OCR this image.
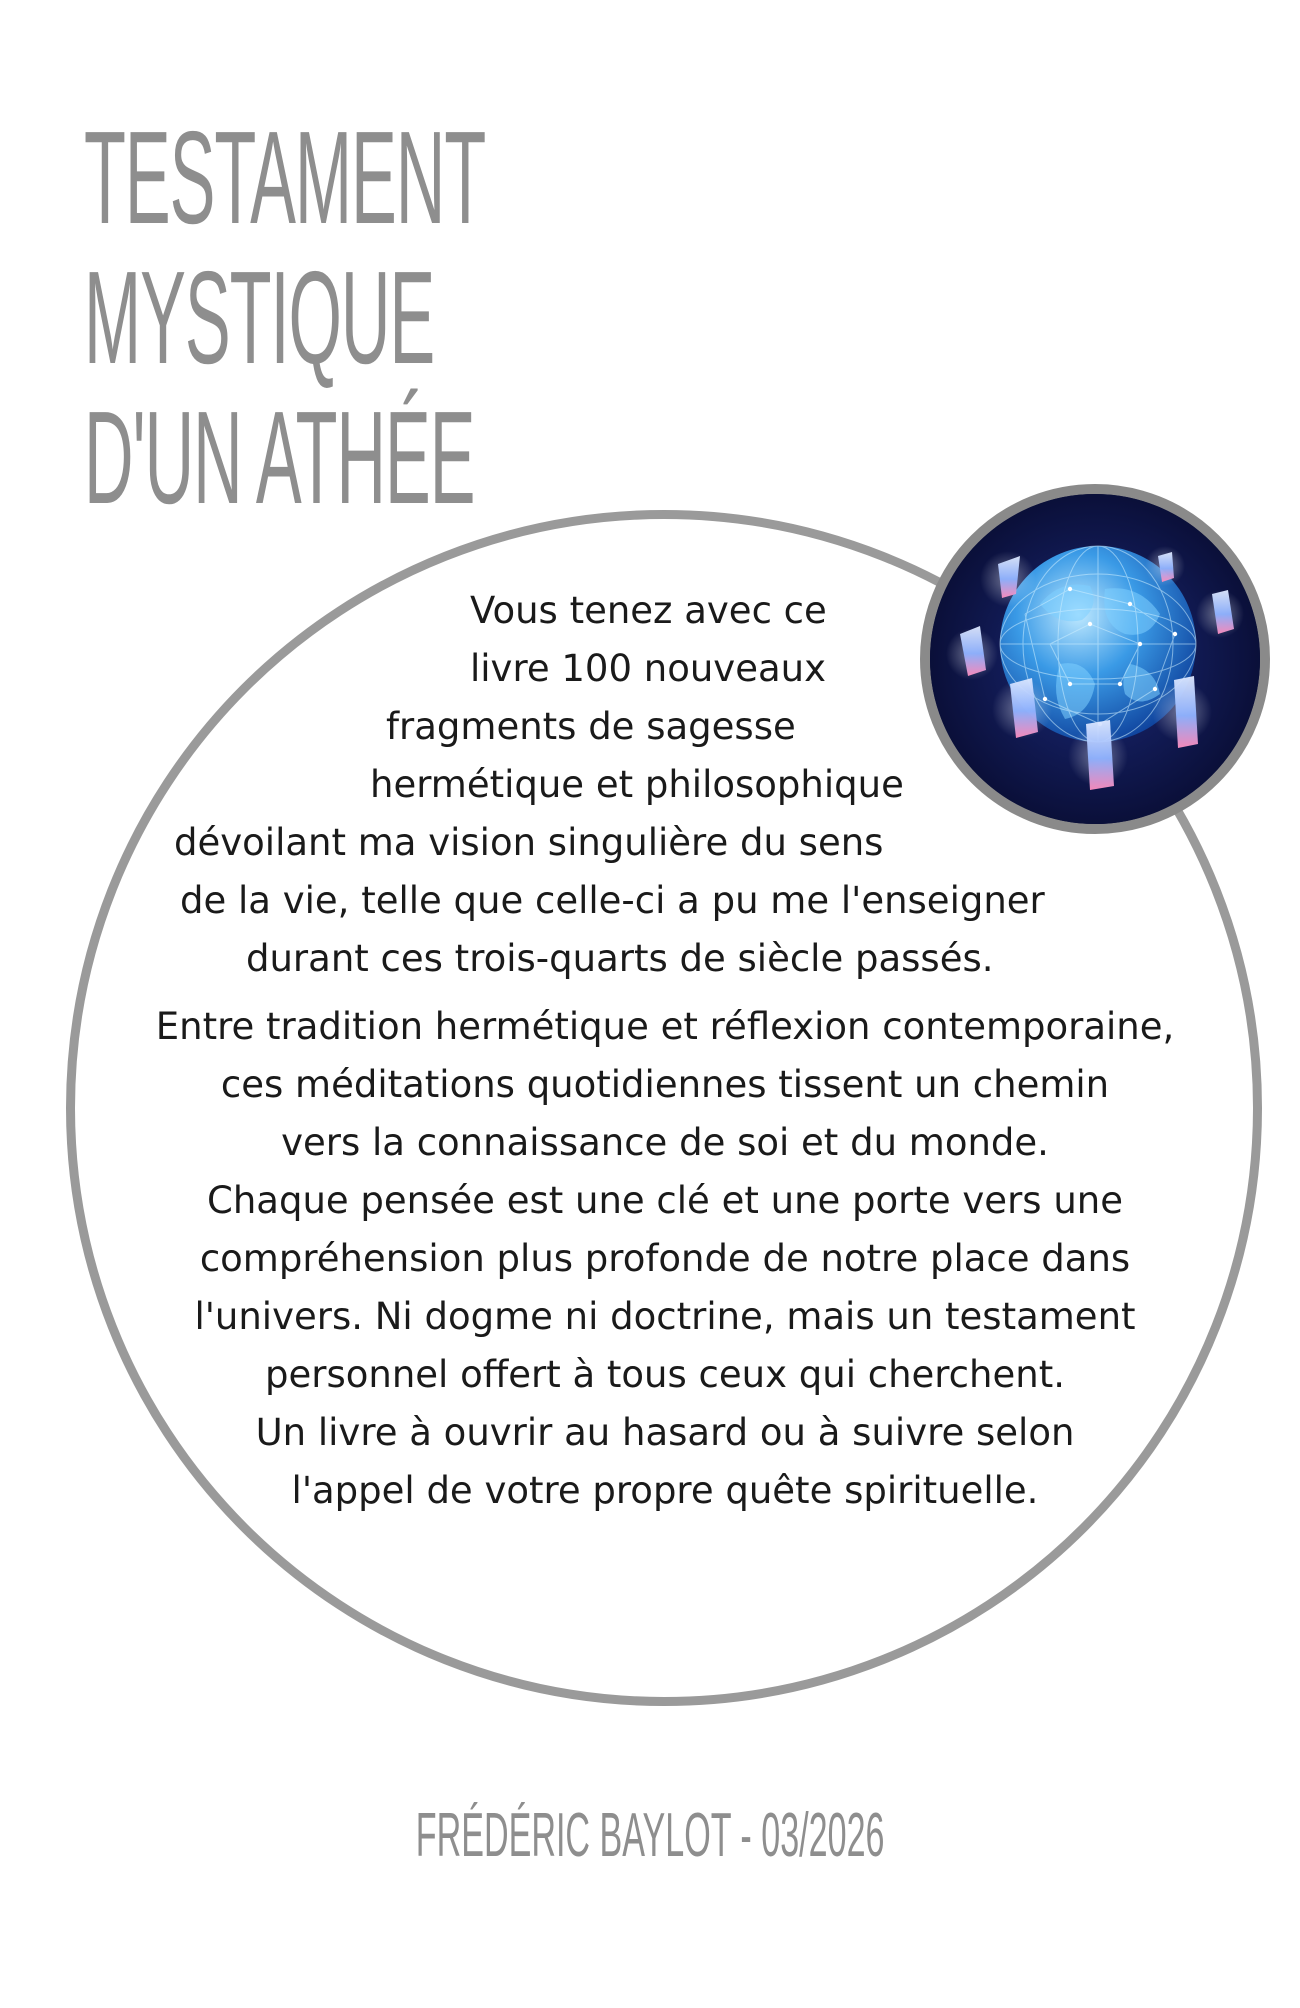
TESTAMENT
MYSTIQUE
D'UN ATHÉE
Vous tenez avec ce
livre 100 nouveaux
fragments de sagesse
hermétique et philosophique
dévoilant ma vision singulière du sens
de la vie, telle que celle-ci a pu me l'enseigner
durant ces trois-quarts de siècle passés.
Entre tradition hermétique et réflexion contemporaine,
ces méditations quotidiennes tissent un chemin
vers la connaissance de soi et du monde.
Chaque pensée est une clé et une porte vers une
compréhension plus profonde de notre place dans
l'univers. Ni dogme ni doctrine, mais un testament
personnel offert à tous ceux qui cherchent.
Un livre à ouvrir au hasard ou à suivre selon
l'appel de votre propre quête spirituelle.
FRÉDÉRIC BAYLOT - 03/2026
